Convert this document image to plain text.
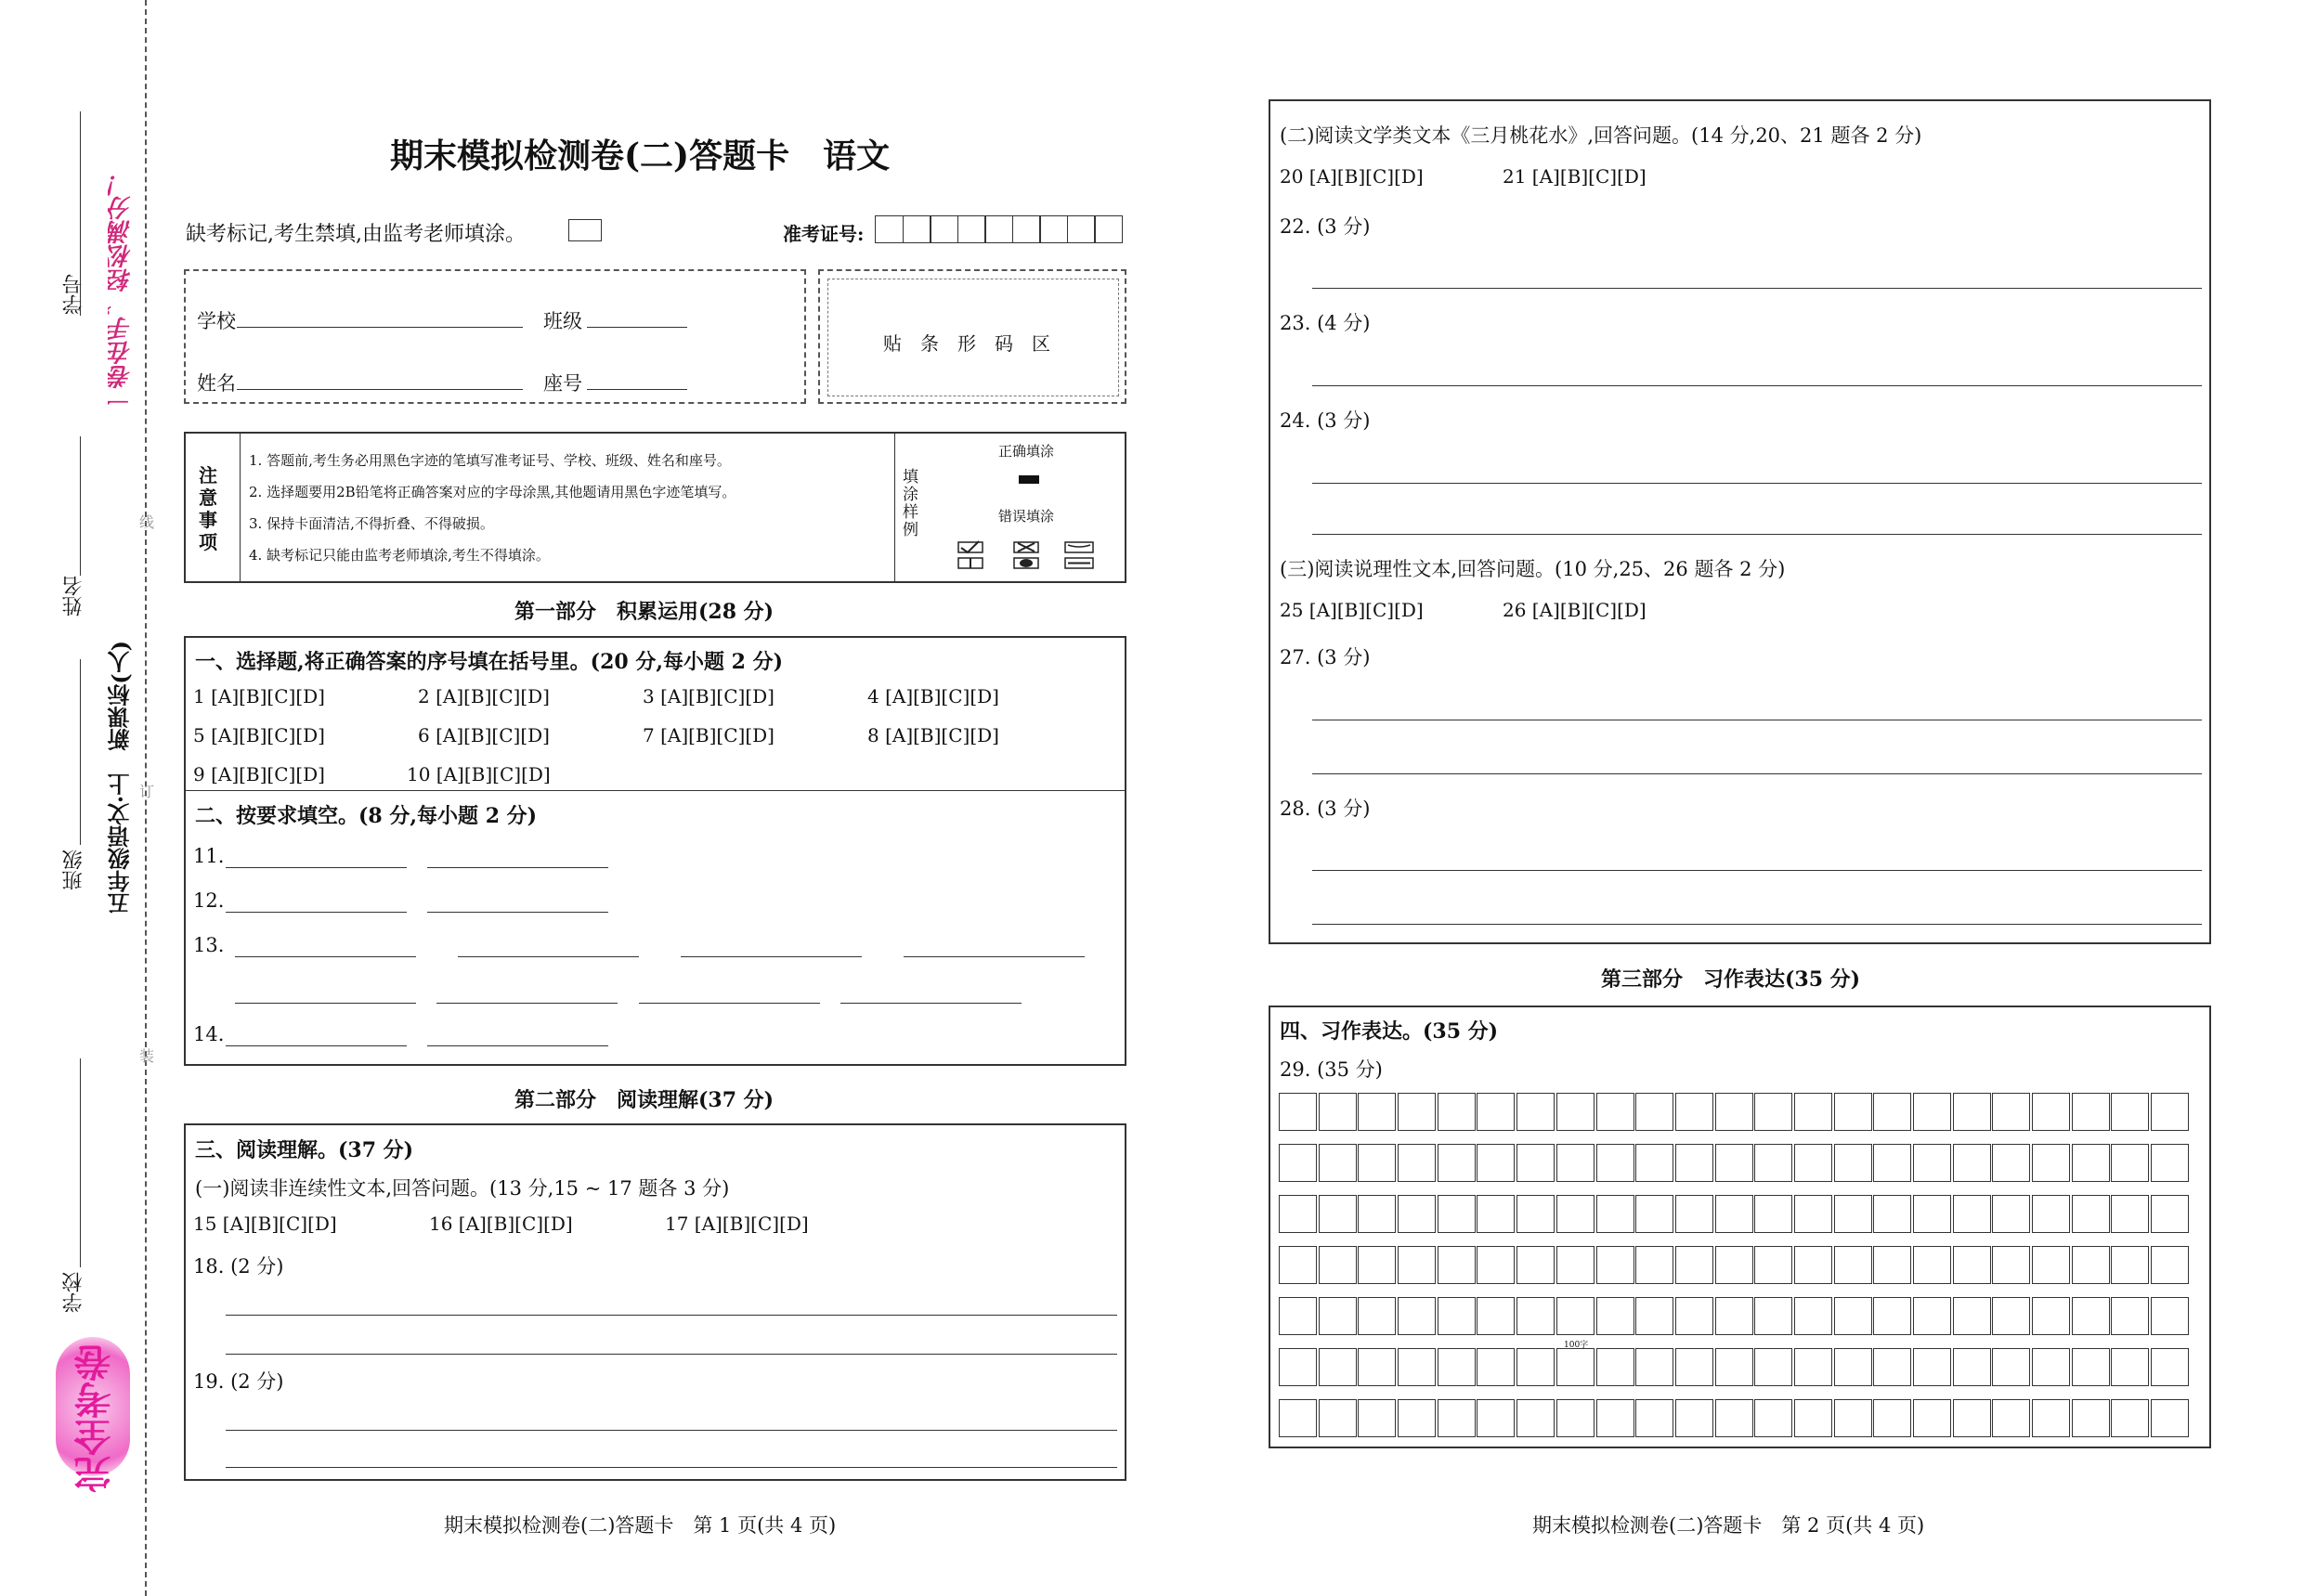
一卷在手，轻松满分！
学号
姓名
班级
学校
五年级语文·上　新课标(人)
线
订
装
完全考卷
期末模拟检测卷(二)答题卡　语文
缺考标记,考生禁填,由监考老师填涂。	准考证号:
学校	班级
姓名	座号
贴　条　形　码　区
注意事项
1. 答题前,考生务必用黑色字迹的笔填写准考证号、学校、班级、姓名和座号。
2. 选择题要用2B铅笔将正确答案对应的字母涂黑,其他题请用黑色字迹笔填写。
3. 保持卡面清洁,不得折叠、不得破损。
4. 缺考标记只能由监考老师填涂,考生不得填涂。
填涂样例
正确填涂
错误填涂
第一部分　积累运用(28 分)
一、选择题,将正确答案的序号填在括号里。(20 分,每小题 2 分)
1 [A][B][C][D]	2 [A][B][C][D]	3 [A][B][C][D]	4 [A][B][C][D]
5 [A][B][C][D]	6 [A][B][C][D]	7 [A][B][C][D]	8 [A][B][C][D]
9 [A][B][C][D]	10 [A][B][C][D]
二、按要求填空。(8 分,每小题 2 分)
11.
12.
13.
14.
第二部分　阅读理解(37 分)
三、阅读理解。(37 分)
(一)阅读非连续性文本,回答问题。(13 分,15 ~ 17 题各 3 分)
15 [A][B][C][D]	16 [A][B][C][D]	17 [A][B][C][D]
18. (2 分)
19. (2 分)
期末模拟检测卷(二)答题卡　第 1 页(共 4 页)
(二)阅读文学类文本《三月桃花水》,回答问题。(14 分,20、21 题各 2 分)
20 [A][B][C][D]	21 [A][B][C][D]
22. (3 分)
23. (4 分)
24. (3 分)
(三)阅读说理性文本,回答问题。(10 分,25、26 题各 2 分)
25 [A][B][C][D]	26 [A][B][C][D]
27. (3 分)
28. (3 分)
第三部分　习作表达(35 分)
四、习作表达。(35 分)
29. (35 分)
100字
期末模拟检测卷(二)答题卡　第 2 页(共 4 页)
